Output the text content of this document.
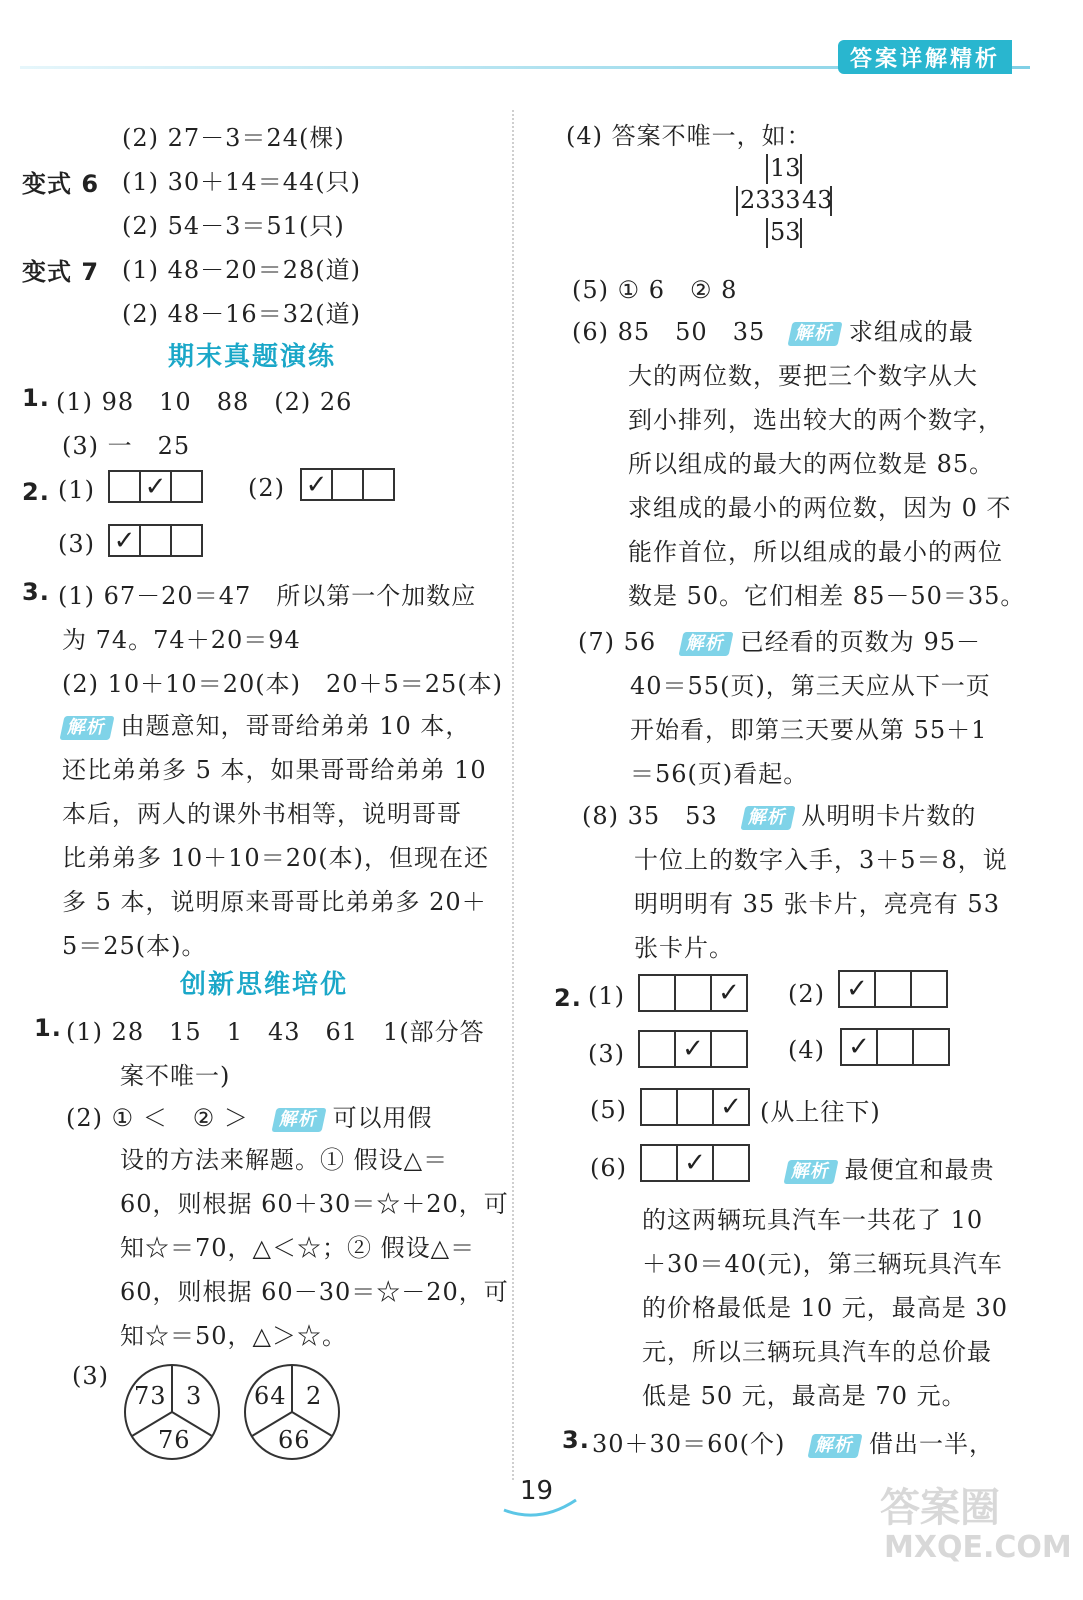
答案详解精析
(2) 27－3＝24(棵)
变式 6 (1) 30＋14＝44(只)
(2) 54－3＝51(只)
变式 7 (1) 48－20＝28(道)
(2) 48－16＝32(道)
期末真题演练
1. (1) 98　10　88　(2) 26
(3) 一　25
2. (1) ✓	(2) ✓
(3) ✓
3. (1) 67－20＝47　所以第一个加数应
为 74。74＋20＝94
(2) 10＋10＝20(本)　20＋5＝25(本)
解析 由题意知，哥哥给弟弟 10 本，
还比弟弟多 5 本，如果哥哥给弟弟 10
本后，两人的课外书相等，说明哥哥
比弟弟多 10＋10＝20(本)，但现在还
多 5 本，说明原来哥哥比弟弟多 20＋
5＝25(本)。
创新思维培优
1. (1) 28　15　1　43　61　1(部分答
案不唯一)
(2) ① ＜　② ＞　 解析 可以用假
设的方法来解题。① 假设△＝
60，则根据 60＋30＝☆＋20，可
知☆＝70，△＜☆；② 假设△＝
60，则根据 60－30＝☆－20，可
知☆＝50，△＞☆。
(3)
73 3
76
64 2
66
(4) 答案不唯一，如：
13
23 33 43
53
(5) ① 6　② 8
(6) 85　50　35　 解析 求组成的最
大的两位数，要把三个数字从大
到小排列，选出较大的两个数字，
所以组成的最大的两位数是 85。
求组成的最小的两位数，因为 0 不
能作首位，所以组成的最小的两位
数是 50。它们相差 85－50＝35。
(7) 56　 解析 已经看的页数为 95－
40＝55(页)，第三天应从下一页
开始看，即第三天要从第 55＋1
＝56(页)看起。
(8) 35　53　 解析 从明明卡片数的
十位上的数字入手，3＋5＝8，说
明明明有 35 张卡片，亮亮有 53
张卡片。
2. (1)	✓	(2) ✓
(3)	✓	(4) ✓
(5)	✓ (从上往下)
(6)	✓	解析 最便宜和最贵
的这两辆玩具汽车一共花了 10
＋30＝40(元)，第三辆玩具汽车
的价格最低是 10 元，最高是 30
元，所以三辆玩具汽车的总价最
低是 50 元，最高是 70 元。
3. 30＋30＝60(个)　 解析 借出一半，
19	答案圈
MXQE.COM
